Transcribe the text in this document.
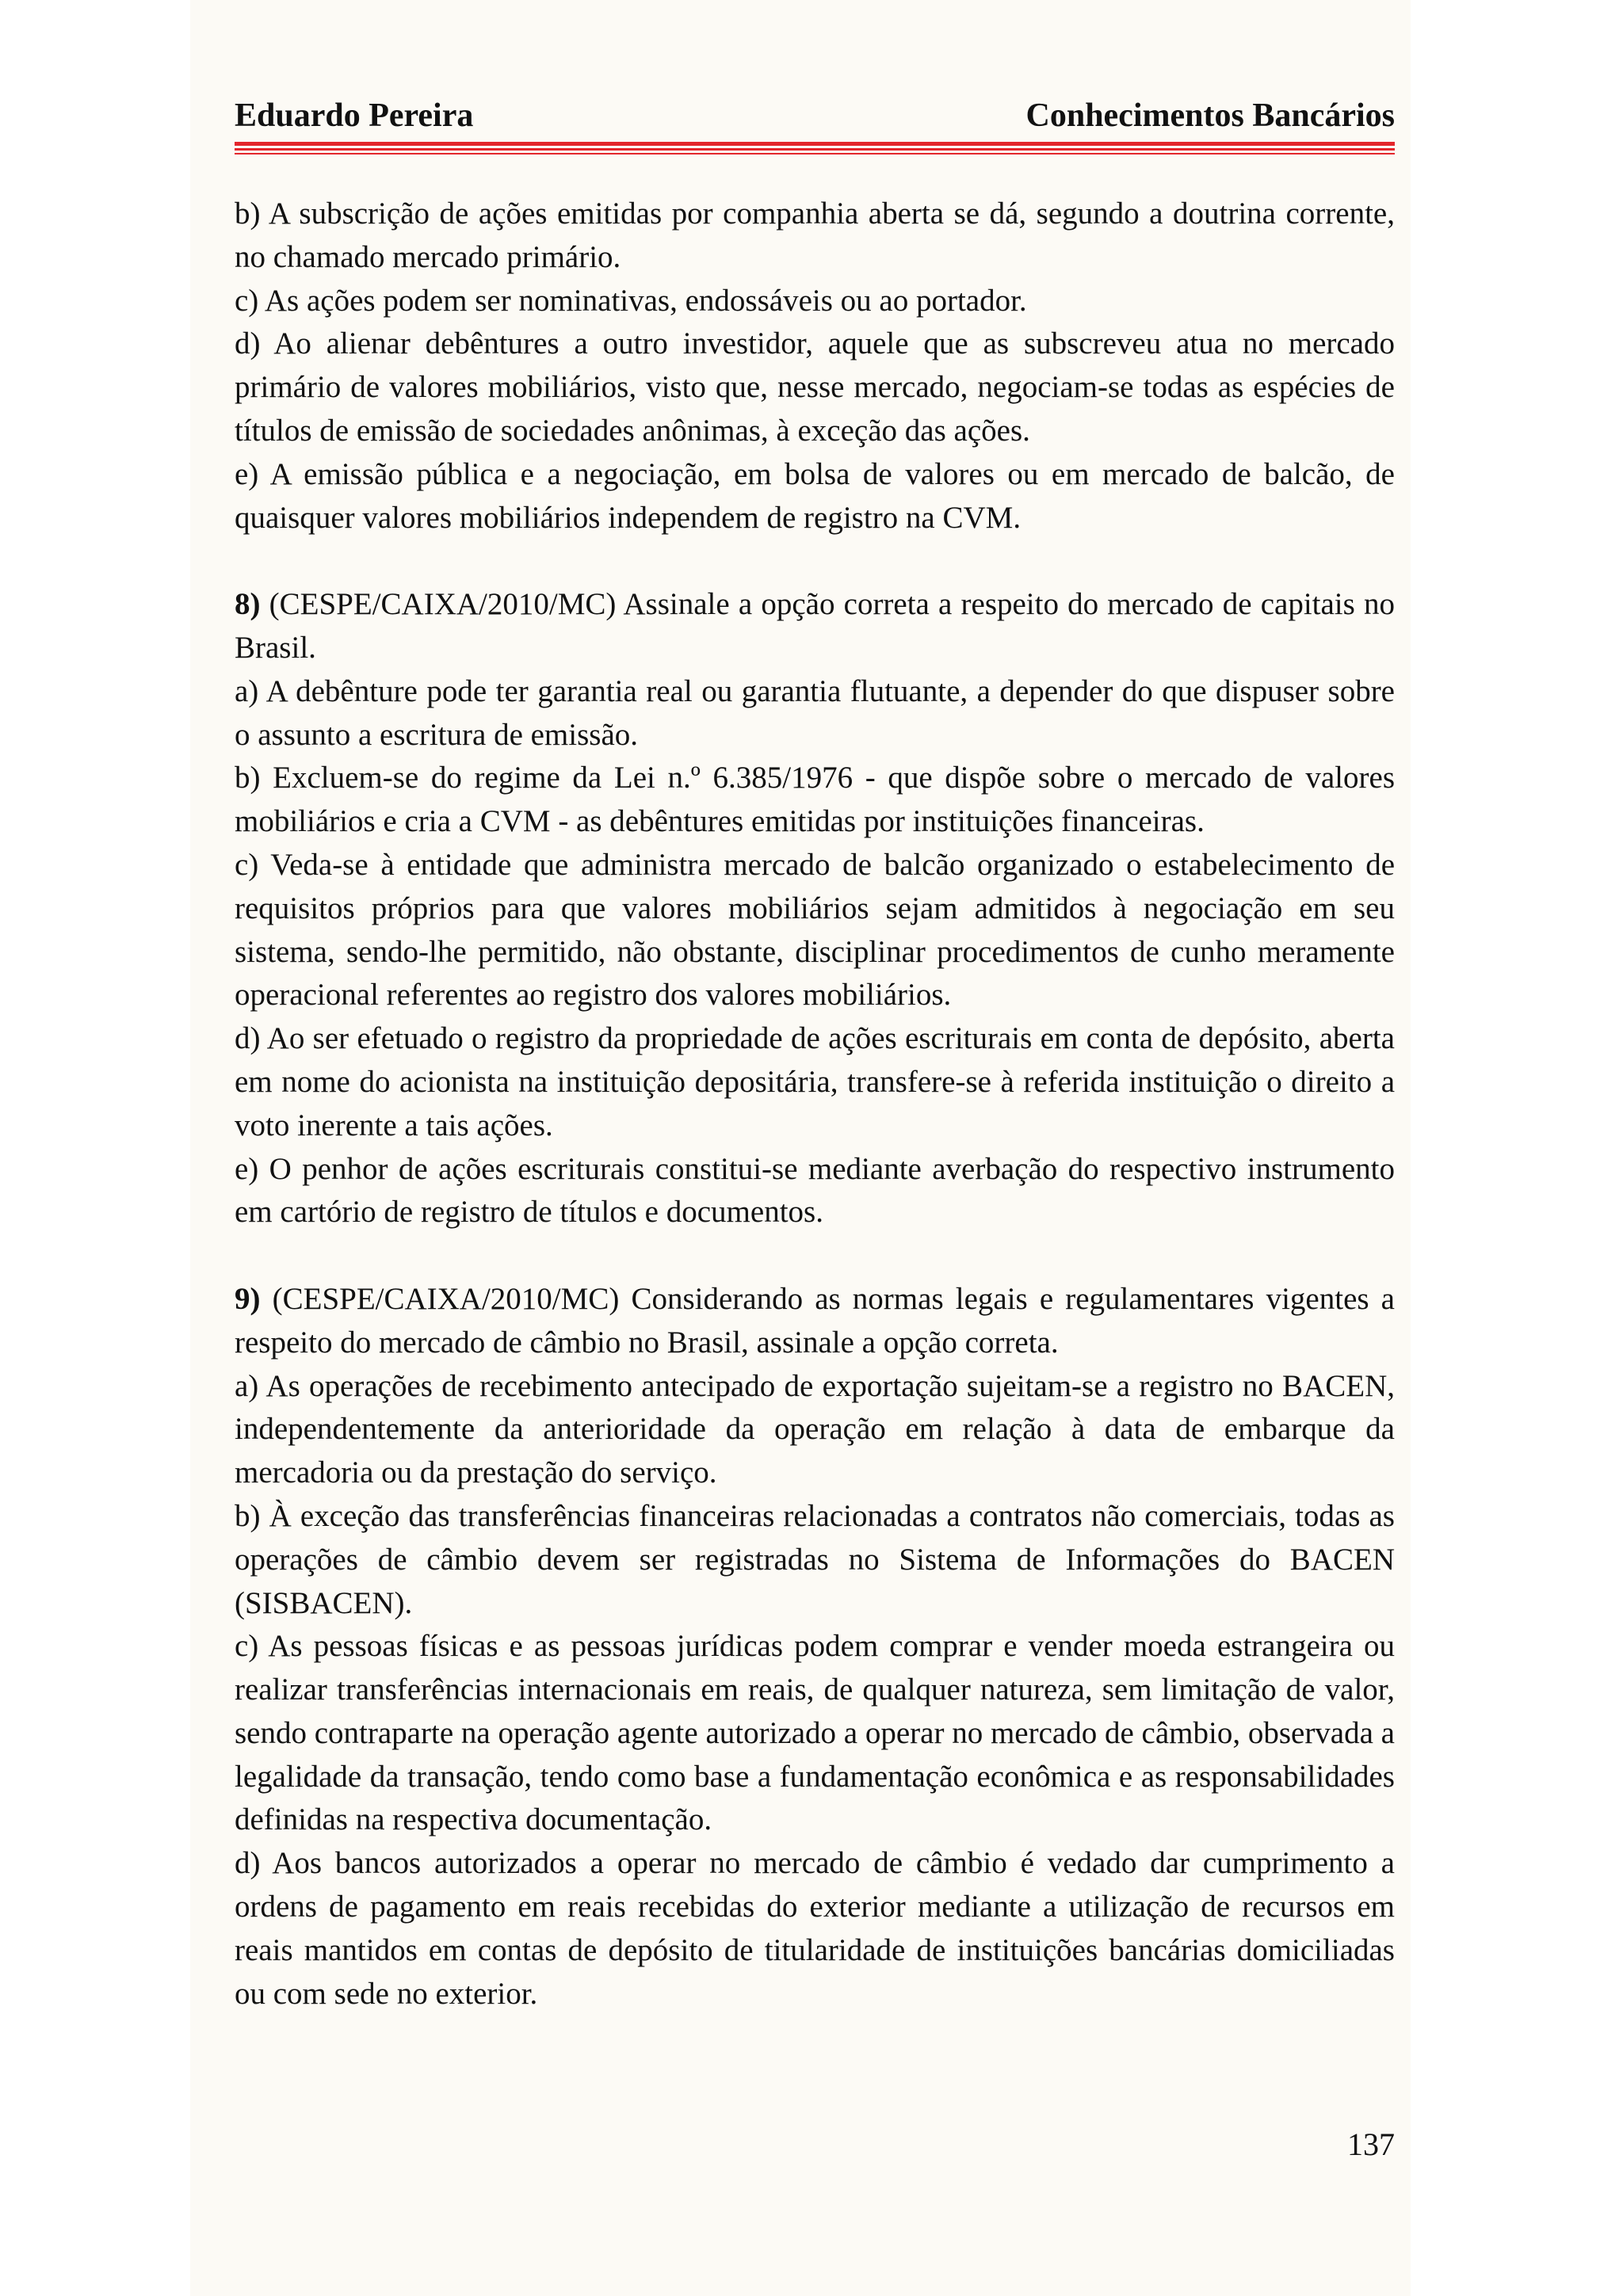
Eduardo Pereira	Conhecimentos Bancários

b) A subscrição de ações emitidas por companhia aberta se dá, segundo a doutrina corrente, no chamado mercado primário.

c) As ações podem ser nominativas, endossáveis ou ao portador.

d) Ao alienar debêntures a outro investidor, aquele que as subscreveu atua no mercado primário de valores mobiliários, visto que, nesse mercado, negociam-se todas as espécies de títulos de emissão de sociedades anônimas, à exceção das ações.

e) A emissão pública e a negociação, em bolsa de valores ou em mercado de balcão, de quaisquer valores mobiliários independem de registro na CVM.

8) (CESPE/CAIXA/2010/MC) Assinale a opção correta a respeito do mercado de capitais no Brasil.

a) A debênture pode ter garantia real ou garantia flutuante, a depender do que dispuser sobre o assunto a escritura de emissão.

b) Excluem-se do regime da Lei n.º 6.385/1976 - que dispõe sobre o mercado de valores mobiliários e cria a CVM - as debêntures emitidas por instituições financeiras.

c) Veda-se à entidade que administra mercado de balcão organizado o estabelecimento de requisitos próprios para que valores mobiliários sejam admitidos à negociação em seu sistema, sendo-lhe permitido, não obstante, disciplinar procedimentos de cunho meramente operacional referentes ao registro dos valores mobiliários.

d) Ao ser efetuado o registro da propriedade de ações escriturais em conta de depósito, aberta em nome do acionista na instituição depositária, transfere-se à referida instituição o direito a voto inerente a tais ações.

e) O penhor de ações escriturais constitui-se mediante averbação do respectivo instrumento em cartório de registro de títulos e documentos.

9) (CESPE/CAIXA/2010/MC) Considerando as normas legais e regulamentares vigentes a respeito do mercado de câmbio no Brasil, assinale a opção correta.

a) As operações de recebimento antecipado de exportação sujeitam-se a registro no BACEN, independentemente da anterioridade da operação em relação à data de embarque da mercadoria ou da prestação do serviço.

b) À exceção das transferências financeiras relacionadas a contratos não comerciais, todas as operações de câmbio devem ser registradas no Sistema de Informações do BACEN (SISBACEN).

c) As pessoas físicas e as pessoas jurídicas podem comprar e vender moeda estrangeira ou realizar transferências internacionais em reais, de qualquer natureza, sem limitação de valor, sendo contraparte na operação agente autorizado a operar no mercado de câmbio, observada a legalidade da transação, tendo como base a fundamentação econômica e as responsabilidades definidas na respectiva documentação.

d) Aos bancos autorizados a operar no mercado de câmbio é vedado dar cumprimento a ordens de pagamento em reais recebidas do exterior mediante a utilização de recursos em reais mantidos em contas de depósito de titularidade de instituições bancárias domiciliadas ou com sede no exterior.

137
